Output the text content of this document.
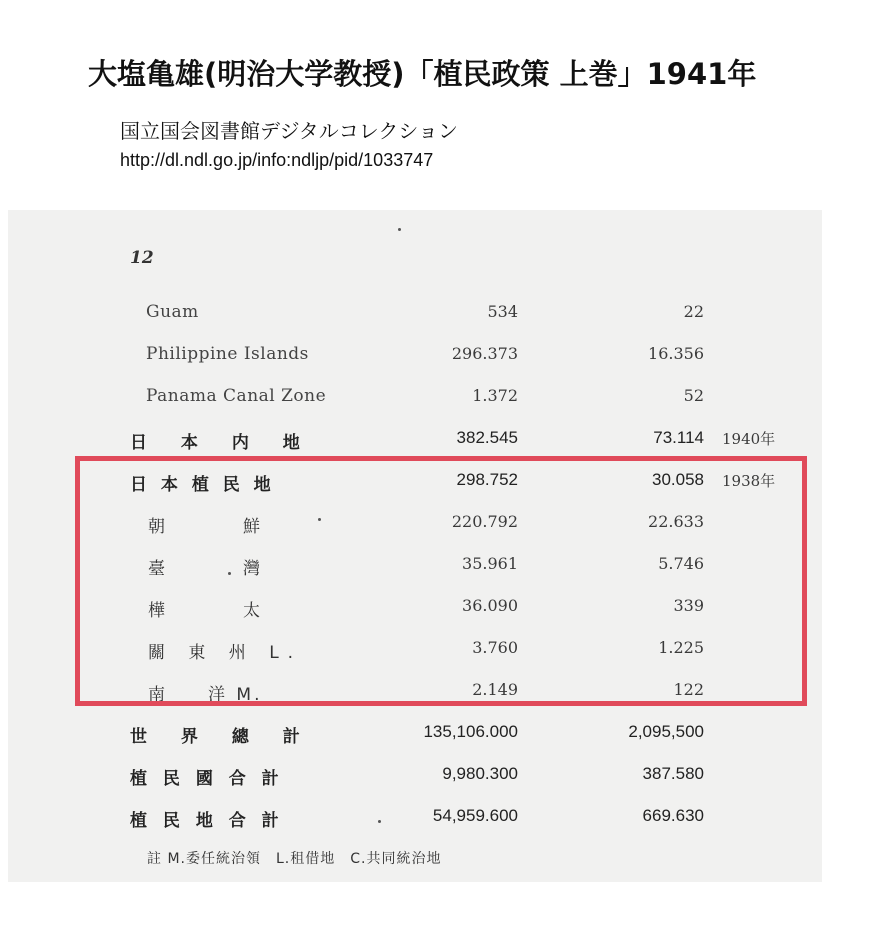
大塩亀雄(明治大学教授)「植民政策 上巻」1941年
国立国会図書館デジタルコレクション
http://dl.ndl.go.jp/info:ndljp/pid/1033747
12
Guam	534	22
Philippine Islands	296.373	16.356
Panama Canal Zone	1.372	52
日 本 内 地	382.545	73.114 1940年
日 本 植 民 地	298.752	30.058 1938年
朝　　　　鮮	220.792	22.633
臺　　　　灣	35.961	5.746
樺　　　　太	36.090	339
關 東 州 L.	3.760	1.225
南　　洋 M.	2.149	122
世 界 總 計	135,106.000	2,095,500
植 民 國 合 計	9,980.300	387.580
植 民 地 合 計	54,959.600	669.630
註 M.委任統治領　L.租借地　C.共同統治地
